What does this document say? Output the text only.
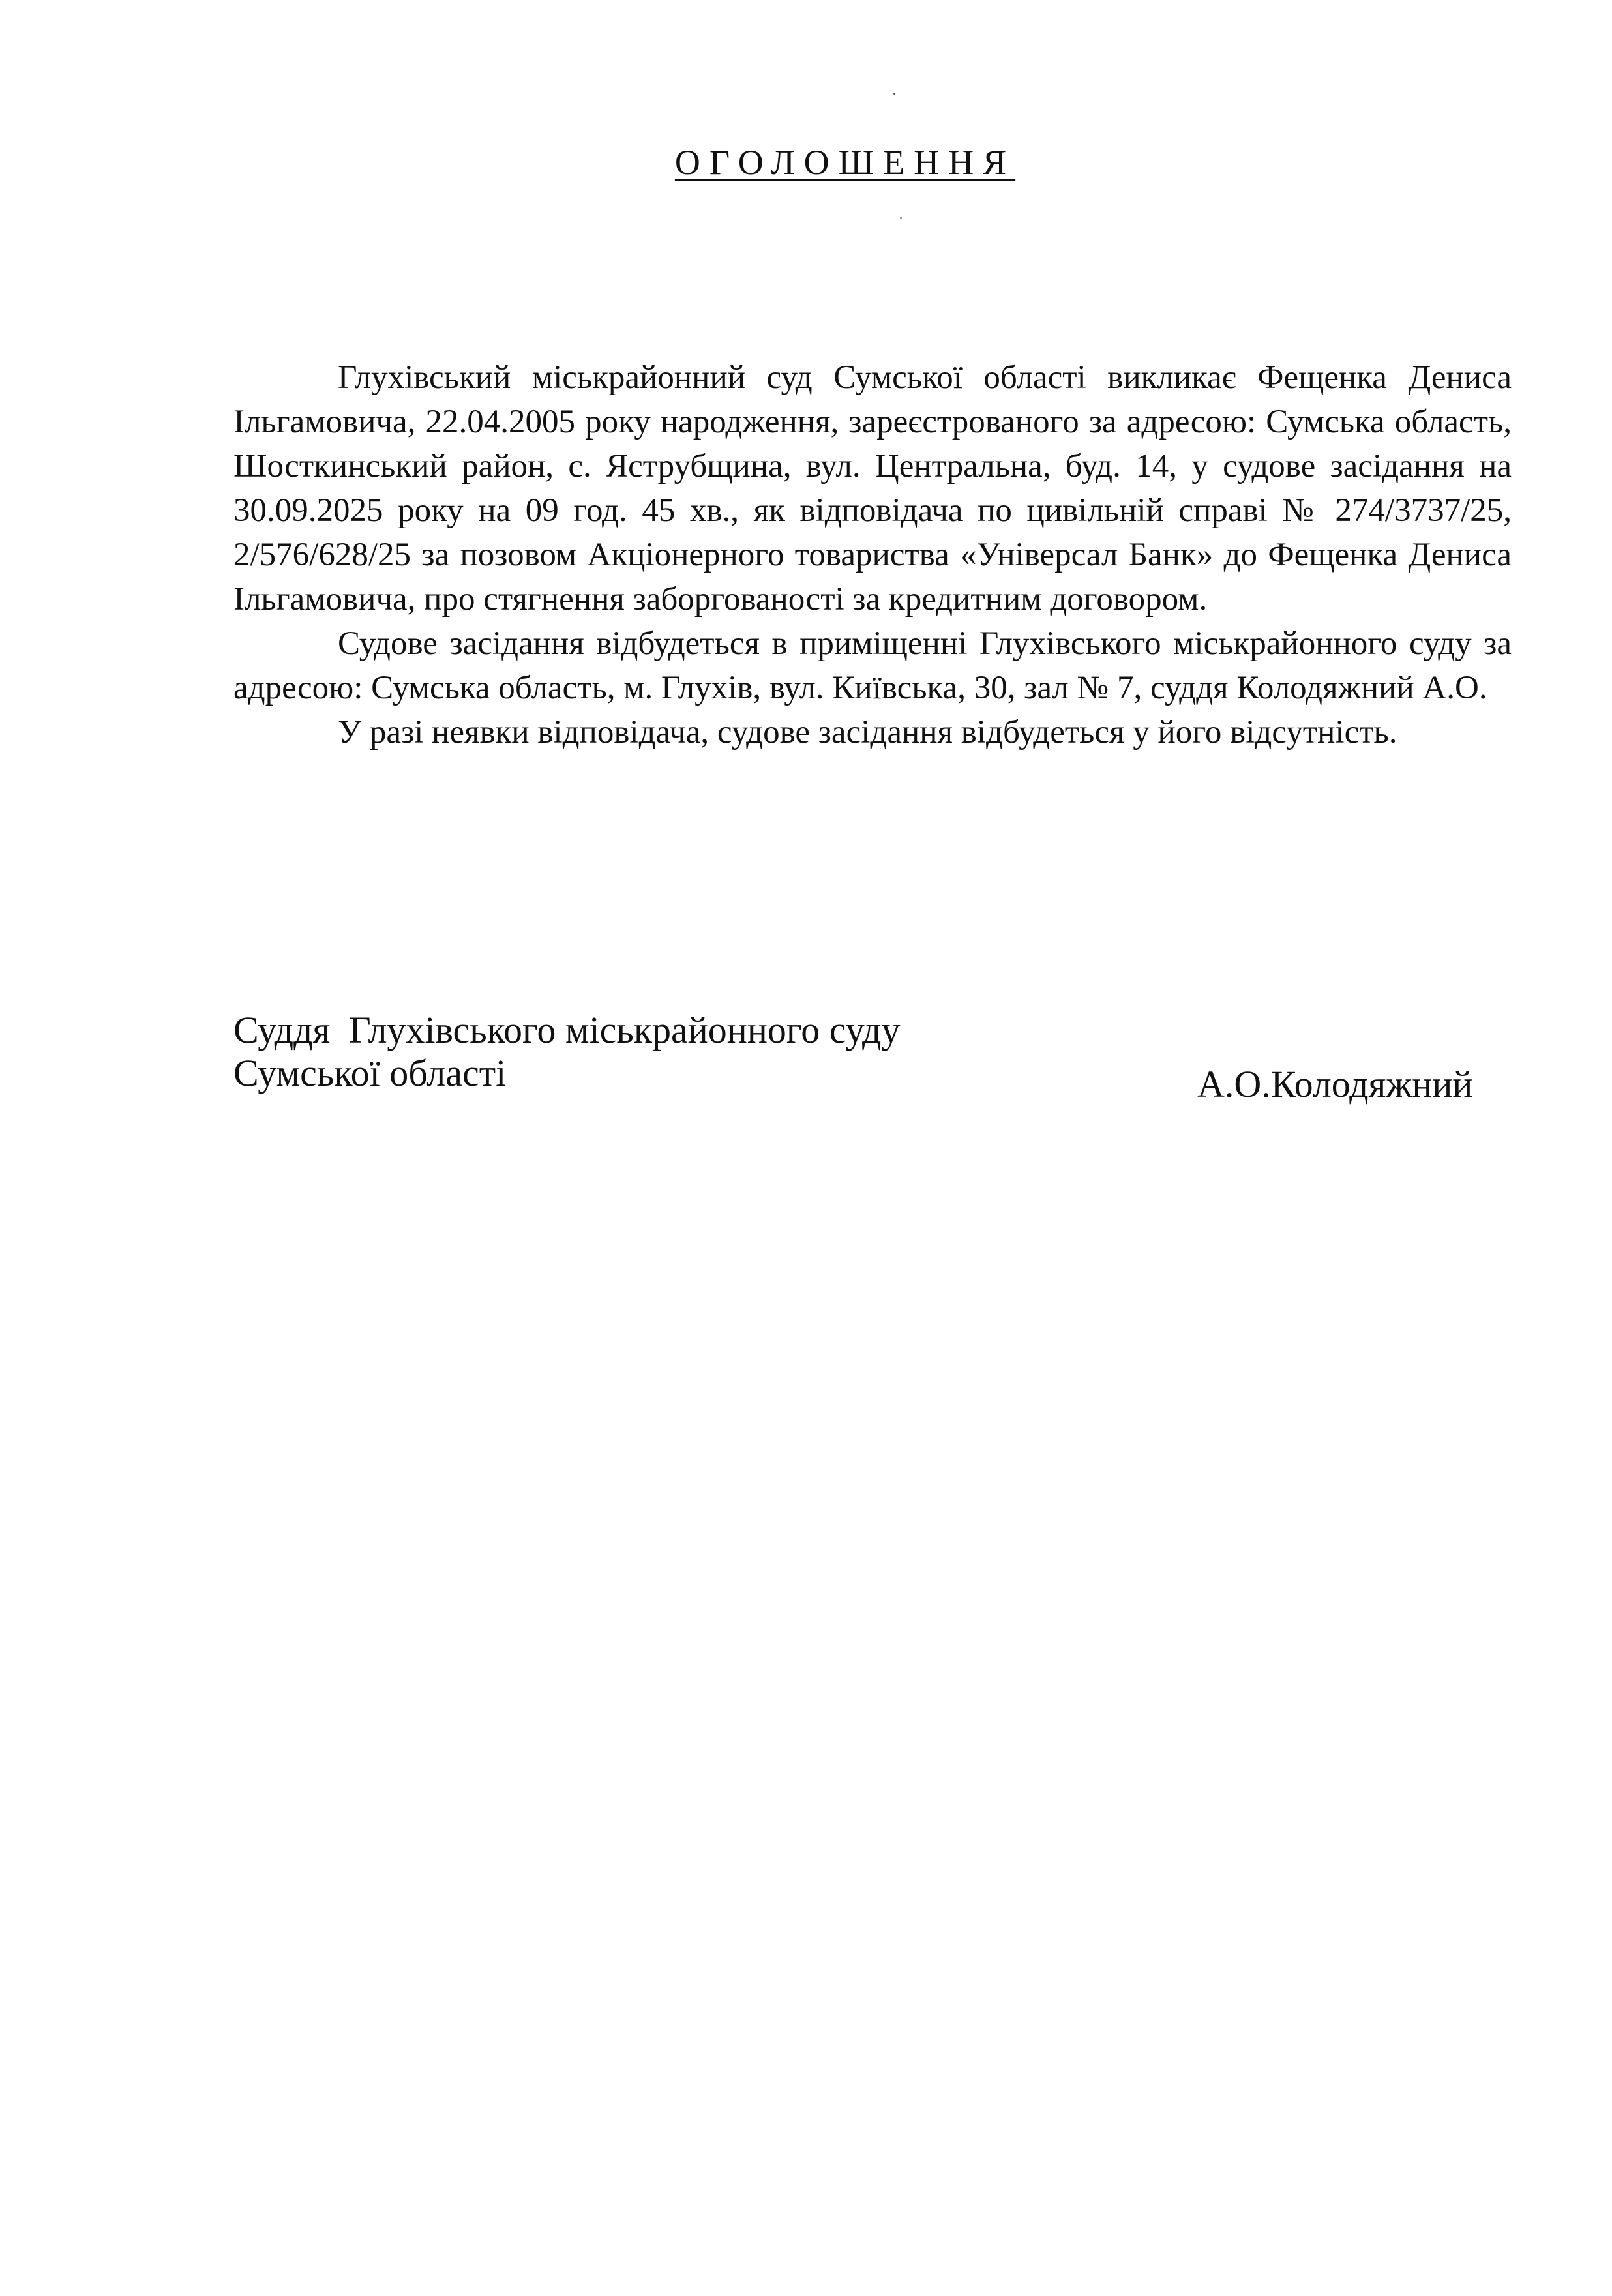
ОГОЛОШЕННЯ

Глухівський міськрайонний суд Сумської області викликає Фещенка Дениса Ільгамовича, 22.04.2005 року народження, зареєстрованого за адресою: Сумська область, Шосткинський район, с. Яструбщина, вул. Центральна, буд. 14, у судове засідання на 30.09.2025 року на 09 год. 45 хв., як відповідача по цивільній справі № 274/3737/25, 2/576/628/25 за позовом Акціонерного товариства «Універсал Банк» до Фещенка Дениса Ільгамовича, про стягнення заборгованості за кредитним договором.

Судове засідання відбудеться в приміщенні Глухівського міськрайонного суду за адресою: Сумська область, м. Глухів, вул. Київська, 30, зал № 7, суддя Колодяжний А.О.

У разі неявки відповідача, судове засідання відбудеться у його відсутність.

Суддя  Глухівського міськрайонного суду
Сумської області	А.О.Колодяжний
